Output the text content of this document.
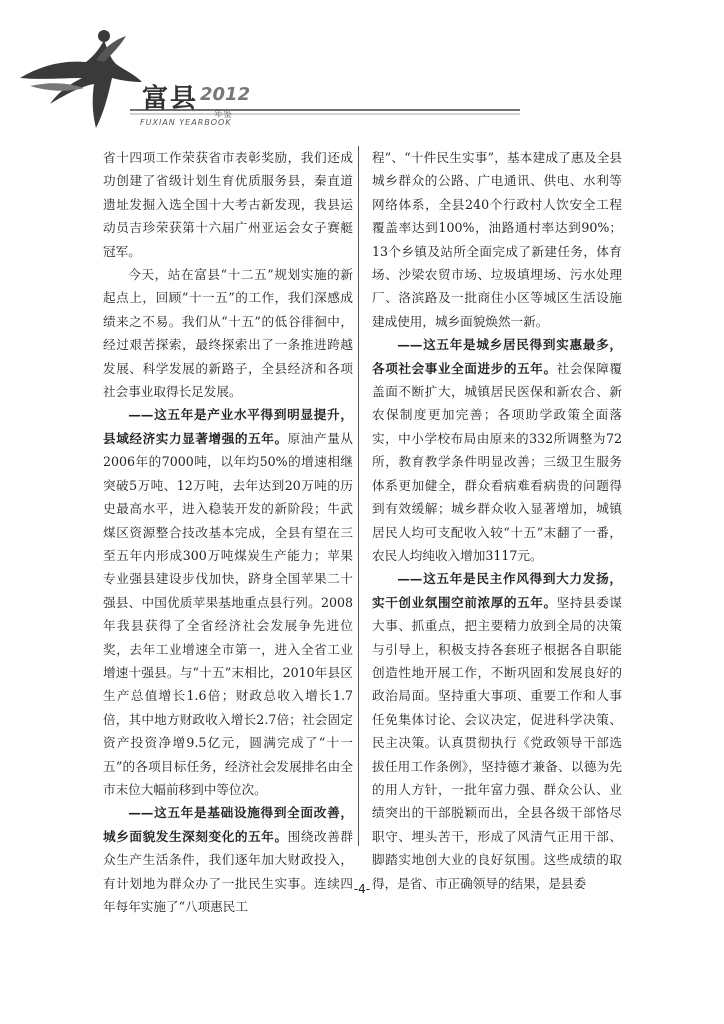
富县 2012
年鉴
FUXIAN YEARBOOK

省十四项工作荣获省市表彰奖励，我们还成功创建了省级计划生育优质服务县，秦直道遗址发掘入选全国十大考古新发现，我县运动员吉珍荣获第十六届广州亚运会女子赛艇冠军。

今天，站在富县“十二五”规划实施的新起点上，回顾“十一五”的工作，我们深感成绩来之不易。我们从“十五”的低谷徘徊中，经过艰苦探索，最终探索出了一条推进跨越发展、科学发展的新路子，全县经济和各项社会事业取得长足发展。

——这五年是产业水平得到明显提升，县域经济实力显著增强的五年。原油产量从2006年的7000吨，以年均50%的增速相继突破5万吨、12万吨，去年达到20万吨的历史最高水平，进入稳装开发的新阶段；牛武煤区资源整合技改基本完成，全县有望在三至五年内形成300万吨煤炭生产能力；苹果专业强县建设步伐加快，跻身全国苹果二十强县、中国优质苹果基地重点县行列。2008年我县获得了全省经济社会发展争先进位奖，去年工业增速全市第一，进入全省工业增速十强县。与“十五”末相比，2010年县区生产总值增长1.6倍；财政总收入增长1.7倍，其中地方财政收入增长2.7倍；社会固定资产投资净增9.5亿元，圆满完成了“十一五”的各项目标任务，经济社会发展排名由全市末位大幅前移到中等位次。

——这五年是基础设施得到全面改善，城乡面貌发生深刻变化的五年。围绕改善群众生产生活条件，我们逐年加大财政投入，有计划地为群众办了一批民生实事。连续四年每年实施了“八项惠民工

程”、“十件民生实事”，基本建成了惠及全县城乡群众的公路、广电通讯、供电、水利等网络体系，全县240个行政村人饮安全工程覆盖率达到100%，油路通村率达到90%；13个乡镇及站所全面完成了新建任务，体育场、沙梁农贸市场、垃圾填埋场、污水处理厂、洛滨路及一批商住小区等城区生活设施建成使用，城乡面貌焕然一新。

——这五年是城乡居民得到实惠最多，各项社会事业全面进步的五年。社会保障覆盖面不断扩大，城镇居民医保和新农合、新农保制度更加完善；各项助学政策全面落实，中小学校布局由原来的332所调整为72所，教育教学条件明显改善；三级卫生服务体系更加健全，群众看病难看病贵的问题得到有效缓解；城乡群众收入显著增加，城镇居民人均可支配收入较“十五”末翻了一番，农民人均纯收入增加3117元。

——这五年是民主作风得到大力发扬，实干创业氛围空前浓厚的五年。坚持县委谋大事、抓重点，把主要精力放到全局的决策与引导上，积极支持各套班子根据各自职能创造性地开展工作，不断巩固和发展良好的政治局面。坚持重大事项、重要工作和人事任免集体讨论、会议决定，促进科学决策、民主决策。认真贯彻执行《党政领导干部选拔任用工作条例》，坚持德才兼备、以德为先的用人方针，一批年富力强、群众公认、业绩突出的干部脱颖而出，全县各级干部恪尽职守、埋头苦干，形成了风清气正用干部、脚踏实地创大业的良好氛围。这些成绩的取得，是省、市正确领导的结果，是县委

-4-
